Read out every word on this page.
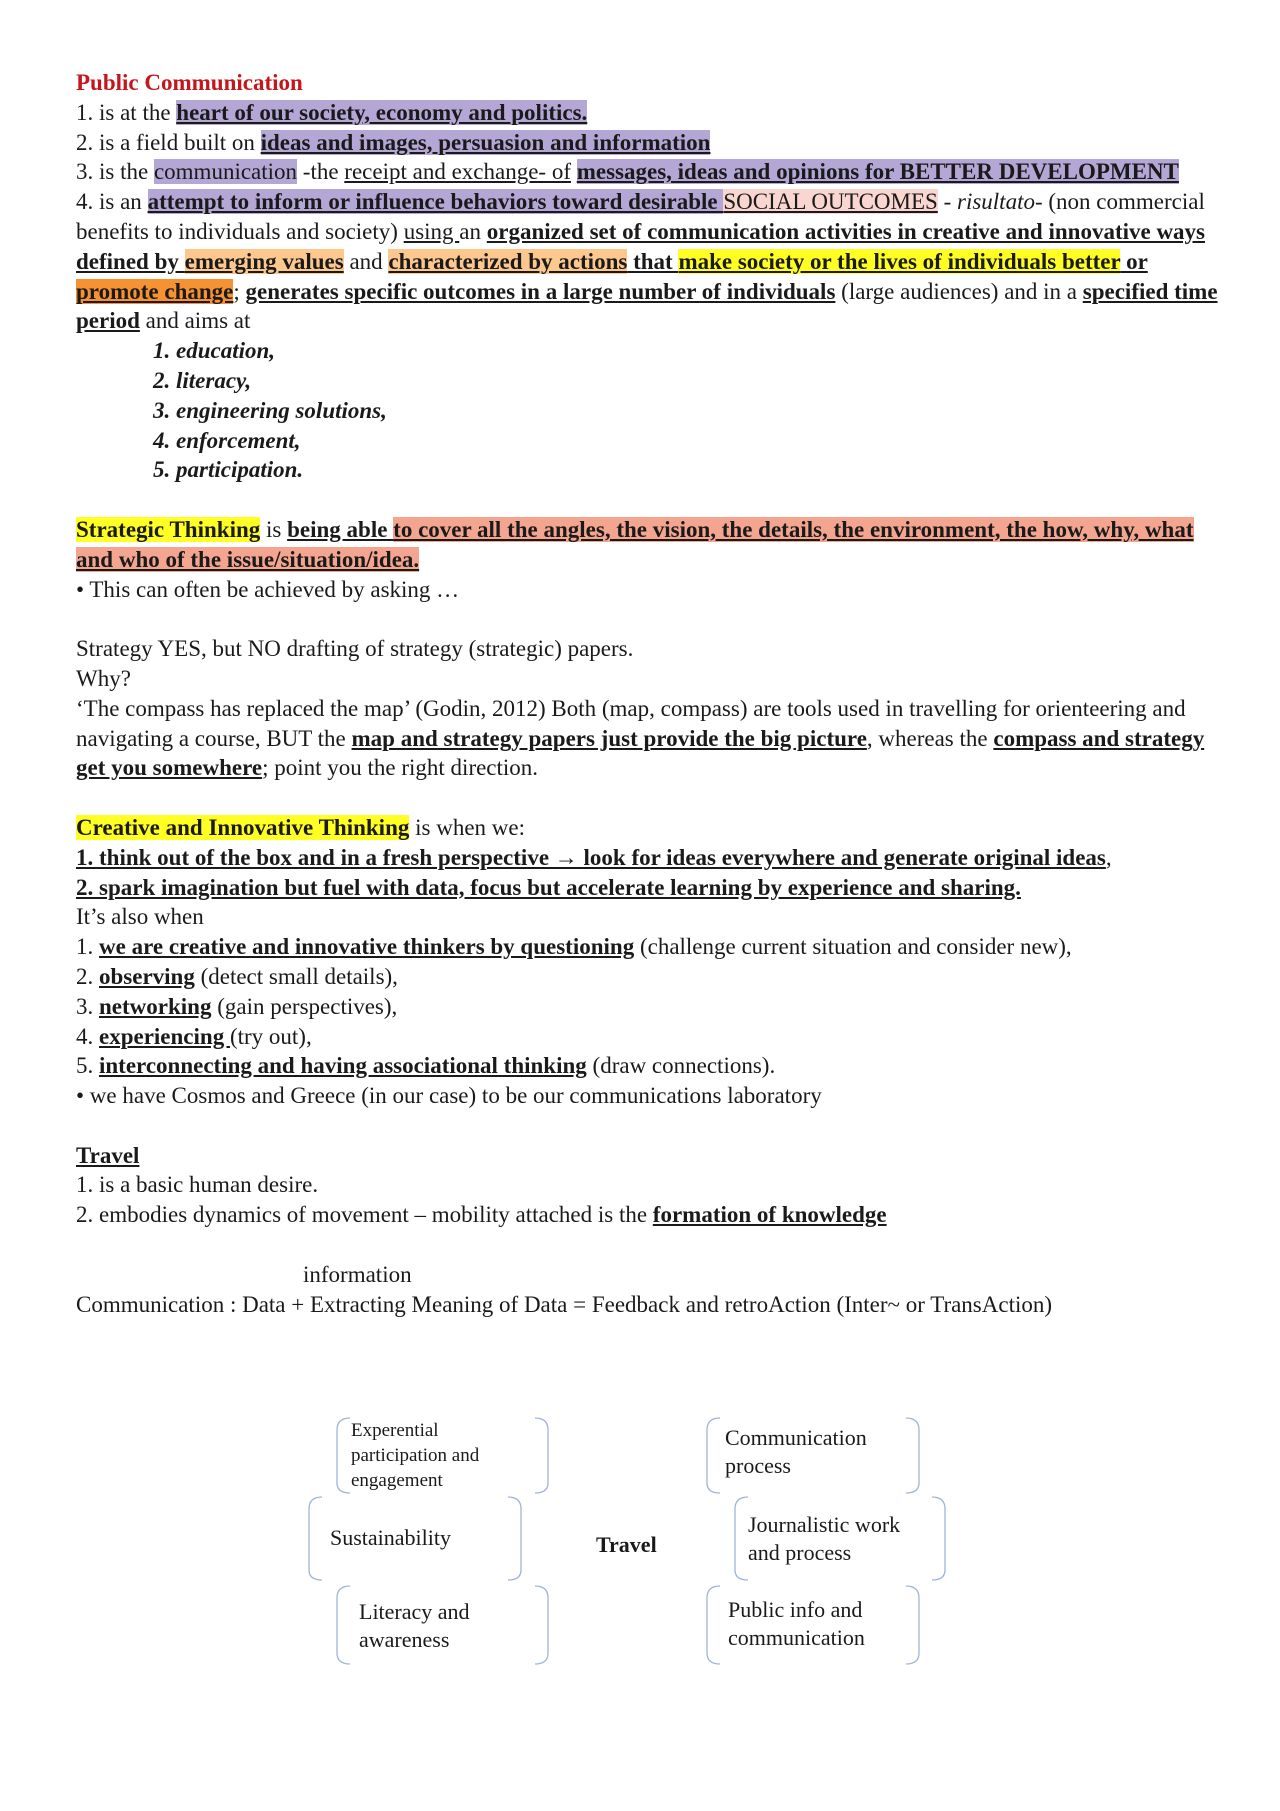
Public Communication
1. is at the heart of our society, economy and politics.
2. is a field built on ideas and images, persuasion and information
3. is the communication -the receipt and exchange- of messages, ideas and opinions for BETTER DEVELOPMENT
4. is an attempt to inform or influence behaviors toward desirable SOCIAL OUTCOMES - risultato- (non commercial benefits to individuals and society) using an organized set of communication activities in creative and innovative ways defined by emerging values and characterized by actions that make society or the lives of individuals better or promote change; generates specific outcomes in a large number of individuals (large audiences) and in a specified time period and aims at
1. education,
2. literacy,
3. engineering solutions,
4. enforcement,
5. participation.
Strategic Thinking is being able to cover all the angles, the vision, the details, the environment, the how, why, what and who of the issue/situation/idea.
• This can often be achieved by asking …
Strategy YES, but NO drafting of strategy (strategic) papers.
Why?
‘The compass has replaced the map’ (Godin, 2012) Both (map, compass) are tools used in travelling for orienteering and navigating a course, BUT the map and strategy papers just provide the big picture, whereas the compass and strategy get you somewhere; point you the right direction.
Creative and Innovative Thinking is when we:
1. think out of the box and in a fresh perspective → look for ideas everywhere and generate original ideas,
2. spark imagination but fuel with data, focus but accelerate learning by experience and sharing.
It’s also when
1. we are creative and innovative thinkers by questioning (challenge current situation and consider new),
2. observing (detect small details),
3. networking (gain perspectives),
4. experiencing (try out),
5. interconnecting and having associational thinking (draw connections).
• we have Cosmos and Greece (in our case) to be our communications laboratory
Travel
1. is a basic human desire.
2. embodies dynamics of movement – mobility attached is the formation of knowledge
information
Communication : Data + Extracting Meaning of Data = Feedback and retroAction (Inter~ or TransAction)
Experential participation and engagement
Sustainability
Literacy and awareness
Travel
Communication process
Journalistic work and process
Public info and communication
